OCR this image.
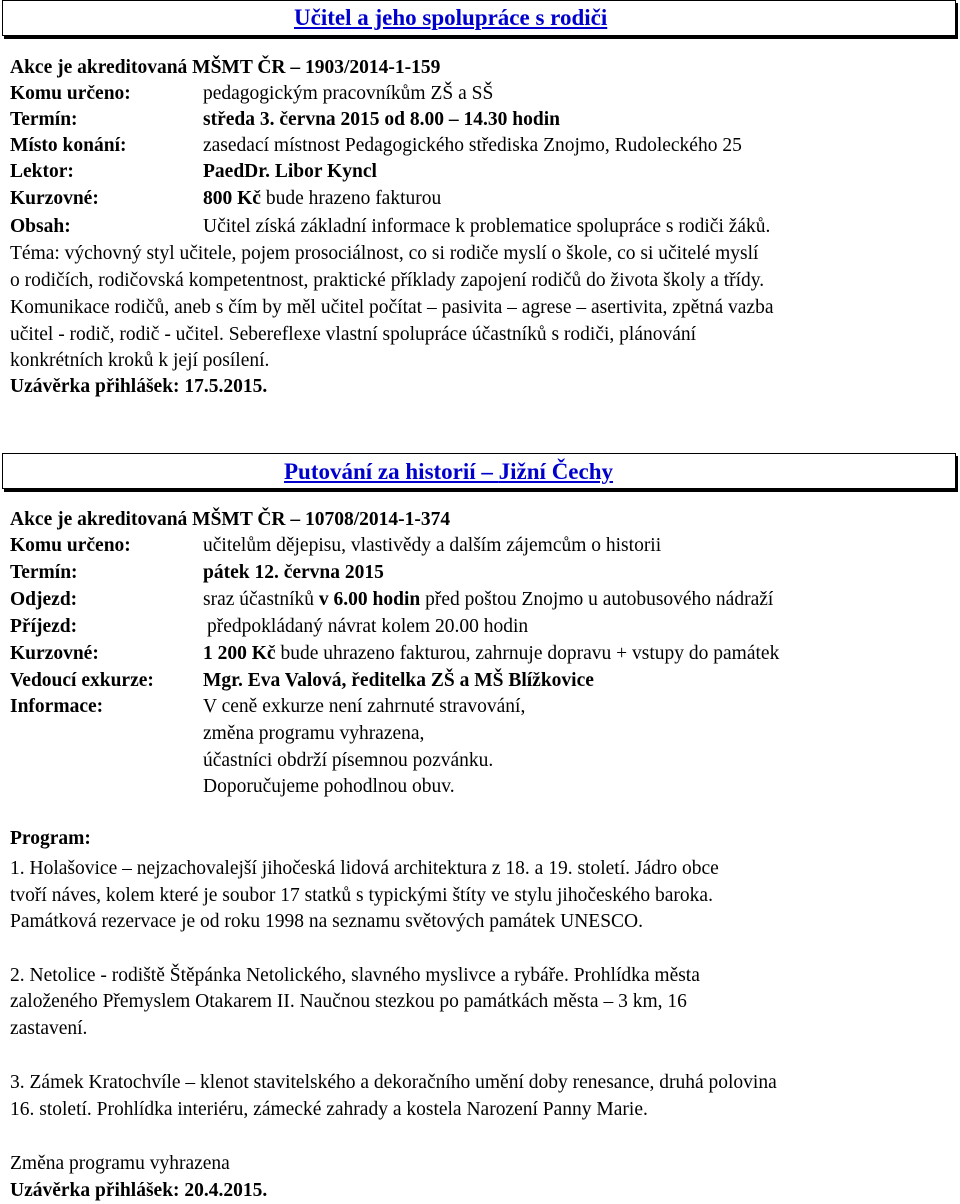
Učitel a jeho spolupráce s rodiči
Akce je akreditovaná MŠMT ČR – 1903/2014-1-159
Komu určeno:	pedagogickým pracovníkům ZŠ a SŠ
Termín:	středa 3. června 2015 od 8.00 – 14.30 hodin
Místo konání:	zasedací místnost Pedagogického střediska Znojmo, Rudoleckého 25
Lektor:	PaedDr. Libor Kyncl
Kurzovné:	800 Kč bude hrazeno fakturou
Obsah:	Učitel získá základní informace k problematice spolupráce s rodiči žáků.
Téma: výchovný styl učitele, pojem prosociálnost, co si rodiče myslí o škole, co si učitelé myslí
o rodičích, rodičovská kompetentnost, praktické příklady zapojení rodičů do života školy a třídy.
Komunikace rodičů, aneb s čím by měl učitel počítat – pasivita – agrese – asertivita, zpětná vazba
učitel - rodič, rodič - učitel. Sebereflexe vlastní spolupráce účastníků s rodiči, plánování
konkrétních kroků k její posílení.
Uzávěrka přihlášek: 17.5.2015.
Putování za historií – Jižní Čechy
Akce je akreditovaná MŠMT ČR – 10708/2014-1-374
Komu určeno:	učitelům dějepisu, vlastivědy a dalším zájemcům o historii
Termín:	pátek 12. června 2015
Odjezd:	sraz účastníků v 6.00 hodin před poštou Znojmo u autobusového nádraží
Příjezd:	předpokládaný návrat kolem 20.00 hodin
Kurzovné:	1 200 Kč bude uhrazeno fakturou, zahrnuje dopravu + vstupy do památek
Vedoucí exkurze:	Mgr. Eva Valová, ředitelka ZŠ a MŠ Blížkovice
Informace:	V ceně exkurze není zahrnuté stravování,
změna programu vyhrazena,
účastníci obdrží písemnou pozvánku.
Doporučujeme pohodlnou obuv.
Program:
1. Holašovice – nejzachovalejší jihočeská lidová architektura z 18. a 19. století. Jádro obce
tvoří náves, kolem které je soubor 17 statků s typickými štíty ve stylu jihočeského baroka.
Památková rezervace je od roku 1998 na seznamu světových památek UNESCO.
2. Netolice - rodiště Štěpánka Netolického, slavného myslivce a rybáře. Prohlídka města
založeného Přemyslem Otakarem II. Naučnou stezkou po památkách města – 3 km, 16
zastavení.
3. Zámek Kratochvíle – klenot stavitelského a dekoračního umění doby renesance, druhá polovina
16. století. Prohlídka interiéru, zámecké zahrady a kostela Narození Panny Marie.
Změna programu vyhrazena
Uzávěrka přihlášek: 20.4.2015.
